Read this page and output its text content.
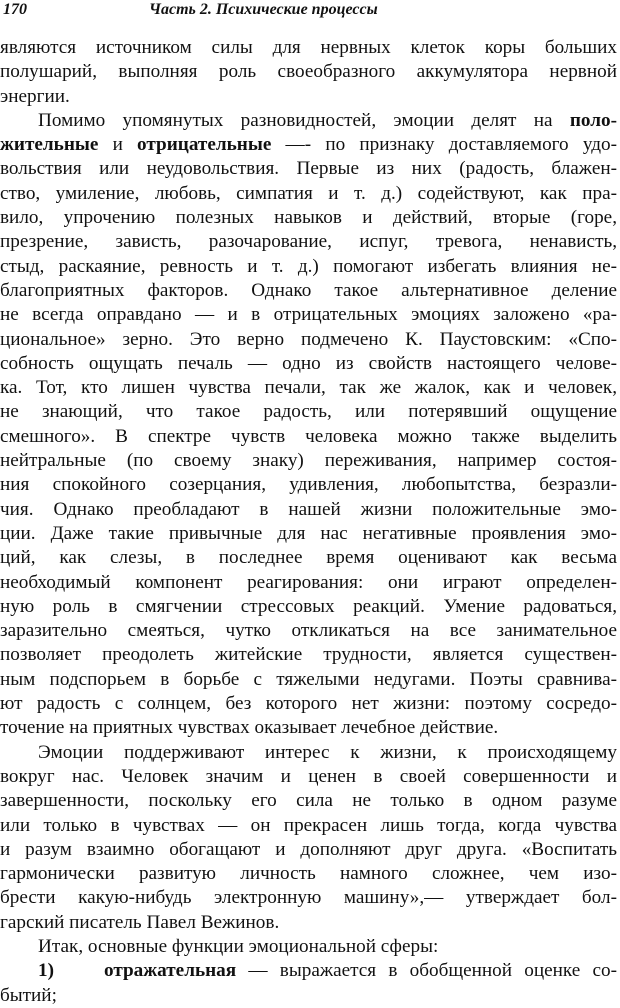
170	Часть 2. Психические процессы
являются источником силы для нервных клеток коры больших
полушарий, выполняя роль своеобразного аккумулятора нервной
энергии.
Помимо упомянутых разновидностей, эмоции делят на поло-
жительные и отрицательные —- по признаку доставляемого удо-
вольствия или неудовольствия. Первые из них (радость, блажен-
ство, умиление, любовь, симпатия и т. д.) содействуют, как пра-
вило, упрочению полезных навыков и действий, вторые (горе,
презрение, зависть, разочарование, испуг, тревога, ненависть,
стыд, раскаяние, ревность и т. д.) помогают избегать влияния не-
благоприятных факторов. Однако такое альтернативное деление
не всегда оправдано — и в отрицательных эмоциях заложено «ра-
циональное» зерно. Это верно подмечено К. Паустовским: «Спо-
собность ощущать печаль — одно из свойств настоящего челове-
ка. Тот, кто лишен чувства печали, так же жалок, как и человек,
не знающий, что такое радость, или потерявший ощущение
смешного». В спектре чувств человека можно также выделить
нейтральные (по своему знаку) переживания, например состоя-
ния спокойного созерцания, удивления, любопытства, безразли-
чия. Однако преобладают в нашей жизни положительные эмо-
ции. Даже такие привычные для нас негативные проявления эмо-
ций, как слезы, в последнее время оценивают как весьма
необходимый компонент реагирования: они играют определен-
ную роль в смягчении стрессовых реакций. Умение радоваться,
заразительно смеяться, чутко откликаться на все занимательное
позволяет преодолеть житейские трудности, является существен-
ным подспорьем в борьбе с тяжелыми недугами. Поэты сравнива-
ют радость с солнцем, без которого нет жизни: поэтому сосредо-
точение на приятных чувствах оказывает лечебное действие.
Эмоции поддерживают интерес к жизни, к происходящему
вокруг нас. Человек значим и ценен в своей совершенности и
завершенности, поскольку его сила не только в одном разуме
или только в чувствах — он прекрасен лишь тогда, когда чувства
и разум взаимно обогащают и дополняют друг друга. «Воспитать
гармонически развитую личность намного сложнее, чем изо-
брести какую-нибудь электронную машину»,— утверждает бол-
гарский писатель Павел Вежинов.
Итак, основные функции эмоциональной сферы:
1)	отражательная — выражается в обобщенной оценке со-
бытий;
